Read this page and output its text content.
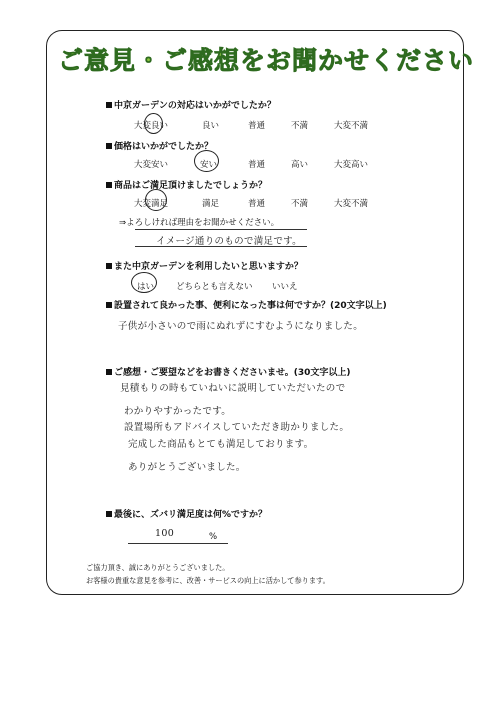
ご意見・ご感想をお聞かせください
中京ガーデンの対応はいかがでしたか？
大変良い	良い	普通	不満	大変不満
価格はいかがでしたか？
大変安い	安い	普通	高い	大変高い
商品はご満足頂けましたでしょうか？
大変満足	満足	普通	不満	大変不満
⇒よろしければ理由をお聞かせください。
イメージ通りのもので満足です。
また中京ガーデンを利用したいと思いますか？
はい	どちらとも言えない いいえ
設置されて良かった事、便利になった事は何ですか？(20文字以上)
子供が小さいので雨にぬれずにすむようになりました。
ご感想・ご要望などをお書きくださいませ。(30文字以上)
見積もりの時もていねいに説明していただいたので
わかりやすかったです。
設置場所もアドバイスしていただき助かりました。
完成した商品もとても満足しております。
ありがとうございました。
最後に、ズバリ満足度は何%ですか？
100	%
ご協力頂き、誠にありがとうございました。
お客様の貴重な意見を参考に、改善・サービスの向上に活かして参ります。
